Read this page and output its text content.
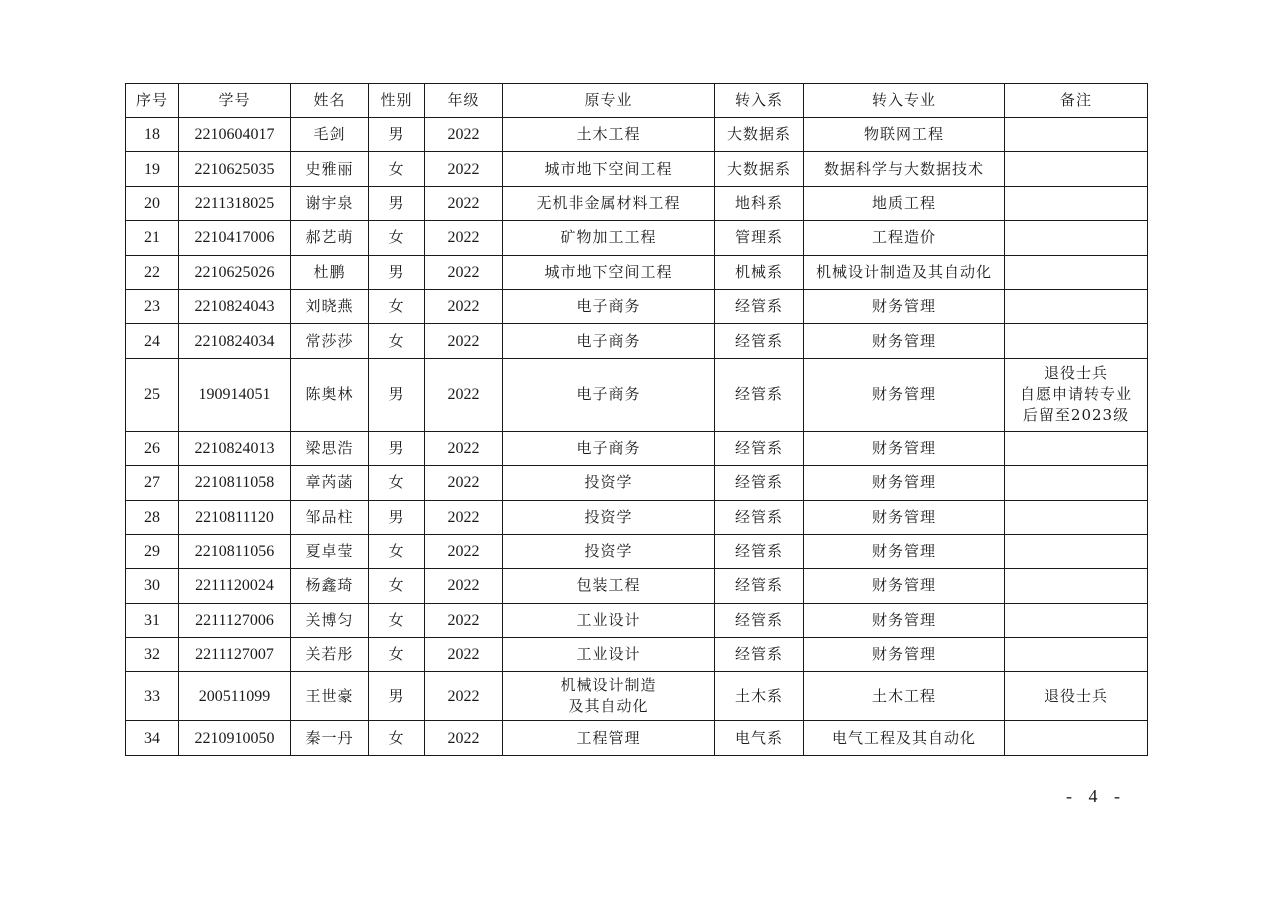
序号	学号	姓名	性别	年级	原专业	转入系	转入专业	备注
18	2210604017	毛剑	男	2022	土木工程	大数据系	物联网工程	
19	2210625035	史雅丽	女	2022	城市地下空间工程	大数据系	数据科学与大数据技术	
20	2211318025	谢宇泉	男	2022	无机非金属材料工程	地科系	地质工程	
21	2210417006	郝艺萌	女	2022	矿物加工工程	管理系	工程造价	
22	2210625026	杜鹏	男	2022	城市地下空间工程	机械系	机械设计制造及其自动化	
23	2210824043	刘晓燕	女	2022	电子商务	经管系	财务管理	
24	2210824034	常莎莎	女	2022	电子商务	经管系	财务管理	
25	190914051	陈奥林	男	2022	电子商务	经管系	财务管理	退役士兵
自愿申请转专业
后留至2023级
26	2210824013	梁思浩	男	2022	电子商务	经管系	财务管理	
27	2210811058	章芮菡	女	2022	投资学	经管系	财务管理	
28	2210811120	邹品柱	男	2022	投资学	经管系	财务管理	
29	2210811056	夏卓莹	女	2022	投资学	经管系	财务管理	
30	2211120024	杨鑫琦	女	2022	包装工程	经管系	财务管理	
31	2211127006	关博匀	女	2022	工业设计	经管系	财务管理	
32	2211127007	关若彤	女	2022	工业设计	经管系	财务管理	
33	200511099	王世豪	男	2022	机械设计制造
及其自动化	土木系	土木工程	退役士兵
34	2210910050	秦一丹	女	2022	工程管理	电气系	电气工程及其自动化	
- 4 -
